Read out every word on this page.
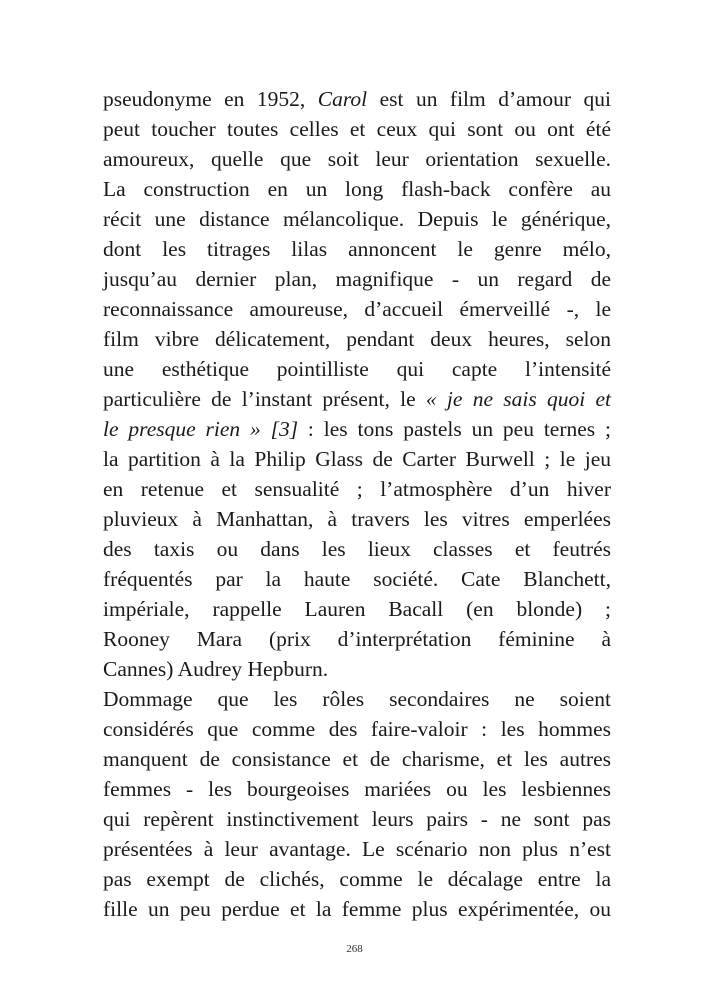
pseudonyme en 1952, Carol est un film d’amour qui
peut toucher toutes celles et ceux qui sont ou ont été
amoureux, quelle que soit leur orientation sexuelle.
La construction en un long flash-back confère au
récit une distance mélancolique. Depuis le générique,
dont les titrages lilas annoncent le genre mélo,
jusqu’au dernier plan, magnifique - un regard de
reconnaissance amoureuse, d’accueil émerveillé -, le
film vibre délicatement, pendant deux heures, selon
une esthétique pointilliste qui capte l’intensité
particulière de l’instant présent, le « je ne sais quoi et
le presque rien » [3] : les tons pastels un peu ternes ;
la partition à la Philip Glass de Carter Burwell ; le jeu
en retenue et sensualité ; l’atmosphère d’un hiver
pluvieux à Manhattan, à travers les vitres emperlées
des taxis ou dans les lieux classes et feutrés
fréquentés par la haute société. Cate Blanchett,
impériale, rappelle Lauren Bacall (en blonde) ;
Rooney Mara (prix d’interprétation féminine à
Cannes) Audrey Hepburn.
Dommage que les rôles secondaires ne soient
considérés que comme des faire-valoir : les hommes
manquent de consistance et de charisme, et les autres
femmes - les bourgeoises mariées ou les lesbiennes
qui repèrent instinctivement leurs pairs - ne sont pas
présentées à leur avantage. Le scénario non plus n’est
pas exempt de clichés, comme le décalage entre la
fille un peu perdue et la femme plus expérimentée, ou
268
